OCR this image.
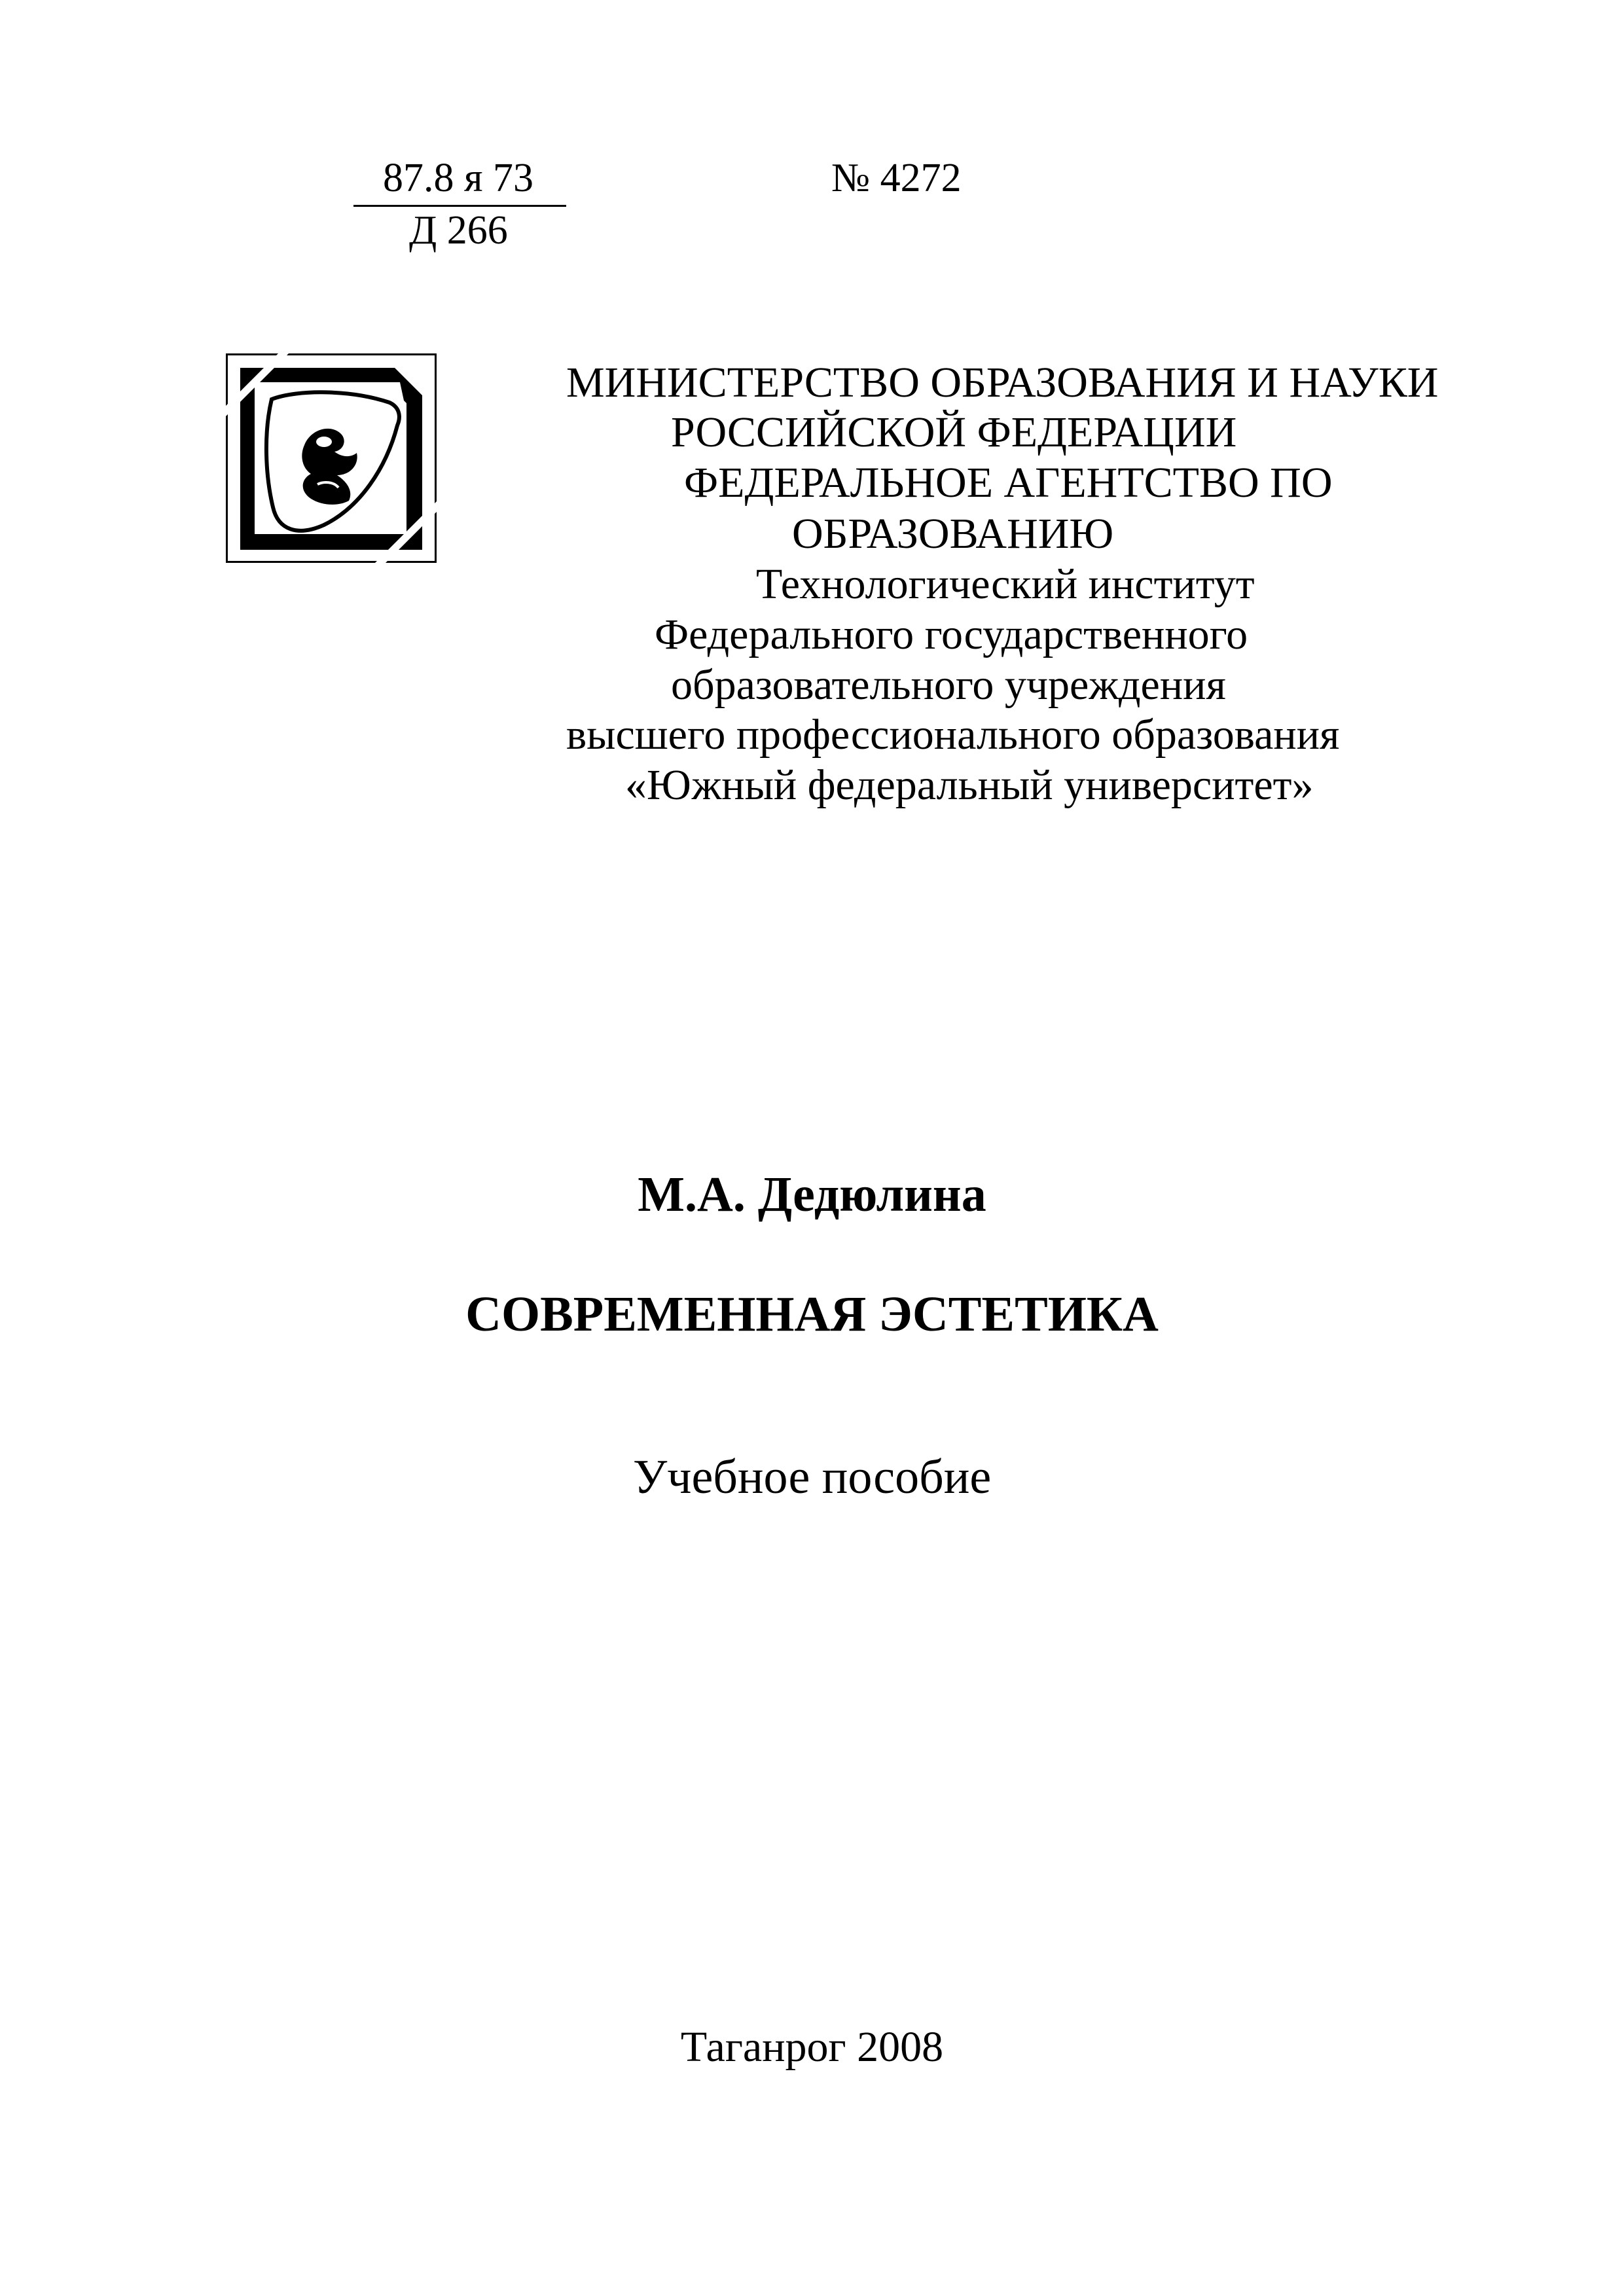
87.8 я 73
Д 266
№ 4272
МИНИСТЕРСТВО ОБРАЗОВАНИЯ И НАУКИ
РОССИЙСКОЙ ФЕДЕРАЦИИ
ФЕДЕРАЛЬНОЕ АГЕНТСТВО ПО
ОБРАЗОВАНИЮ
Технологический институт
Федерального государственного
образовательного учреждения
высшего профессионального образования
«Южный федеральный университет»
М.А. Дедюлина
СОВРЕМЕННАЯ ЭСТЕТИКА
Учебное пособие
Таганрог 2008
